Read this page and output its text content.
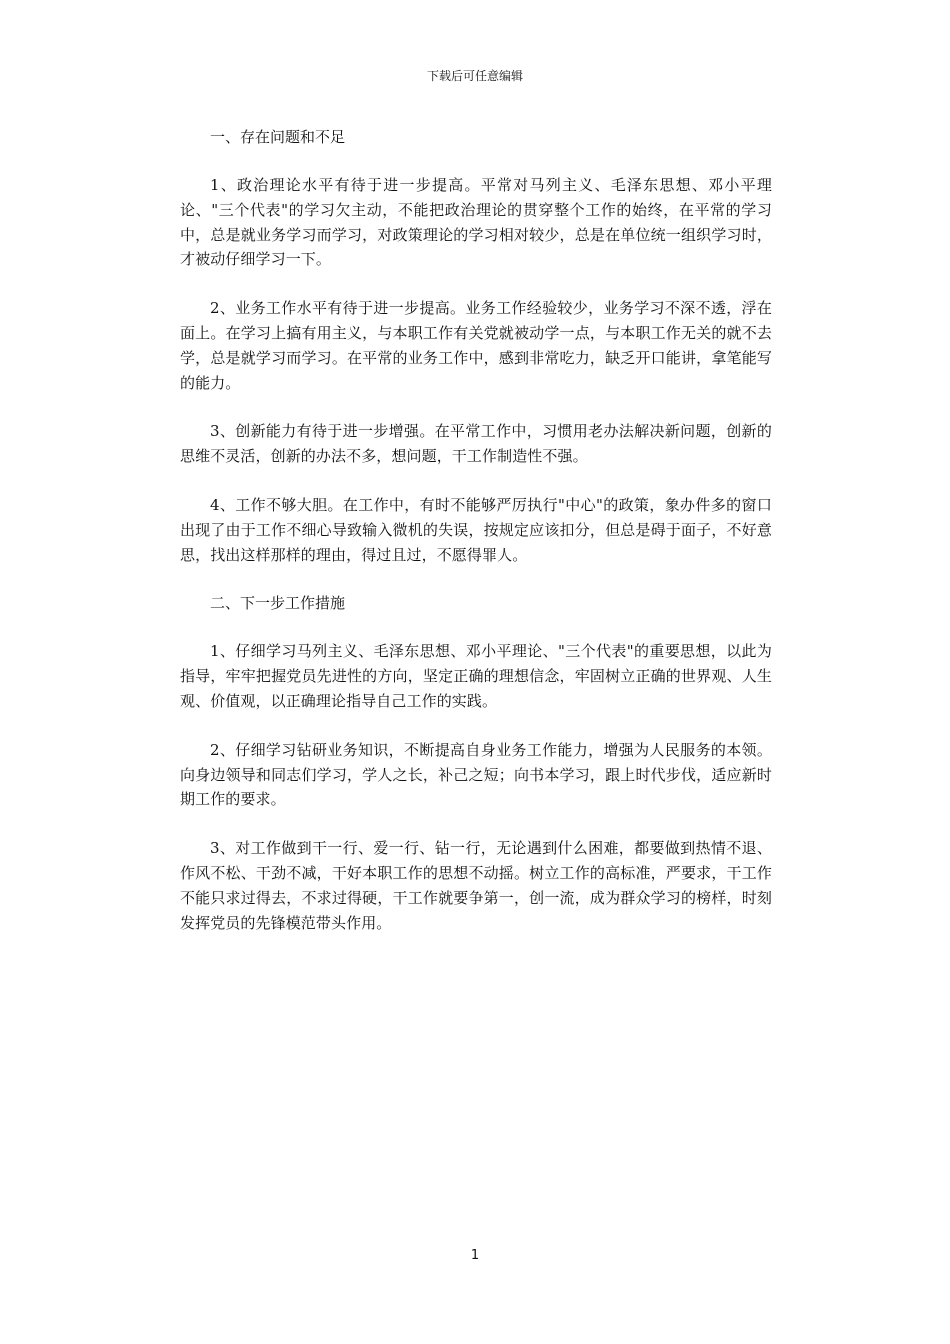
下载后可任意编辑

一、存在问题和不足

1、政治理论水平有待于进一步提高。平常对马列主义、毛泽东思想、邓小平理论、"三个代表"的学习欠主动，不能把政治理论的贯穿整个工作的始终，在平常的学习中，总是就业务学习而学习，对政策理论的学习相对较少，总是在单位统一组织学习时，才被动仔细学习一下。

2、业务工作水平有待于进一步提高。业务工作经验较少，业务学习不深不透，浮在面上。在学习上搞有用主义，与本职工作有关党就被动学一点，与本职工作无关的就不去学，总是就学习而学习。在平常的业务工作中，感到非常吃力，缺乏开口能讲，拿笔能写的能力。

3、创新能力有待于进一步增强。在平常工作中，习惯用老办法解决新问题，创新的思维不灵活，创新的办法不多，想问题，干工作制造性不强。

4、工作不够大胆。在工作中，有时不能够严厉执行"中心"的政策，象办件多的窗口出现了由于工作不细心导致输入微机的失误，按规定应该扣分，但总是碍于面子，不好意思，找出这样那样的理由，得过且过，不愿得罪人。

二、下一步工作措施

1、仔细学习马列主义、毛泽东思想、邓小平理论、"三个代表"的重要思想，以此为指导，牢牢把握党员先进性的方向，坚定正确的理想信念，牢固树立正确的世界观、人生观、价值观，以正确理论指导自己工作的实践。

2、仔细学习钻研业务知识，不断提高自身业务工作能力，增强为人民服务的本领。向身边领导和同志们学习，学人之长，补己之短；向书本学习，跟上时代步伐，适应新时期工作的要求。

3、对工作做到干一行、爱一行、钻一行，无论遇到什么困难，都要做到热情不退、作风不松、干劲不减，干好本职工作的思想不动摇。树立工作的高标准，严要求，干工作不能只求过得去，不求过得硬，干工作就要争第一，创一流，成为群众学习的榜样，时刻发挥党员的先锋模范带头作用。

1
